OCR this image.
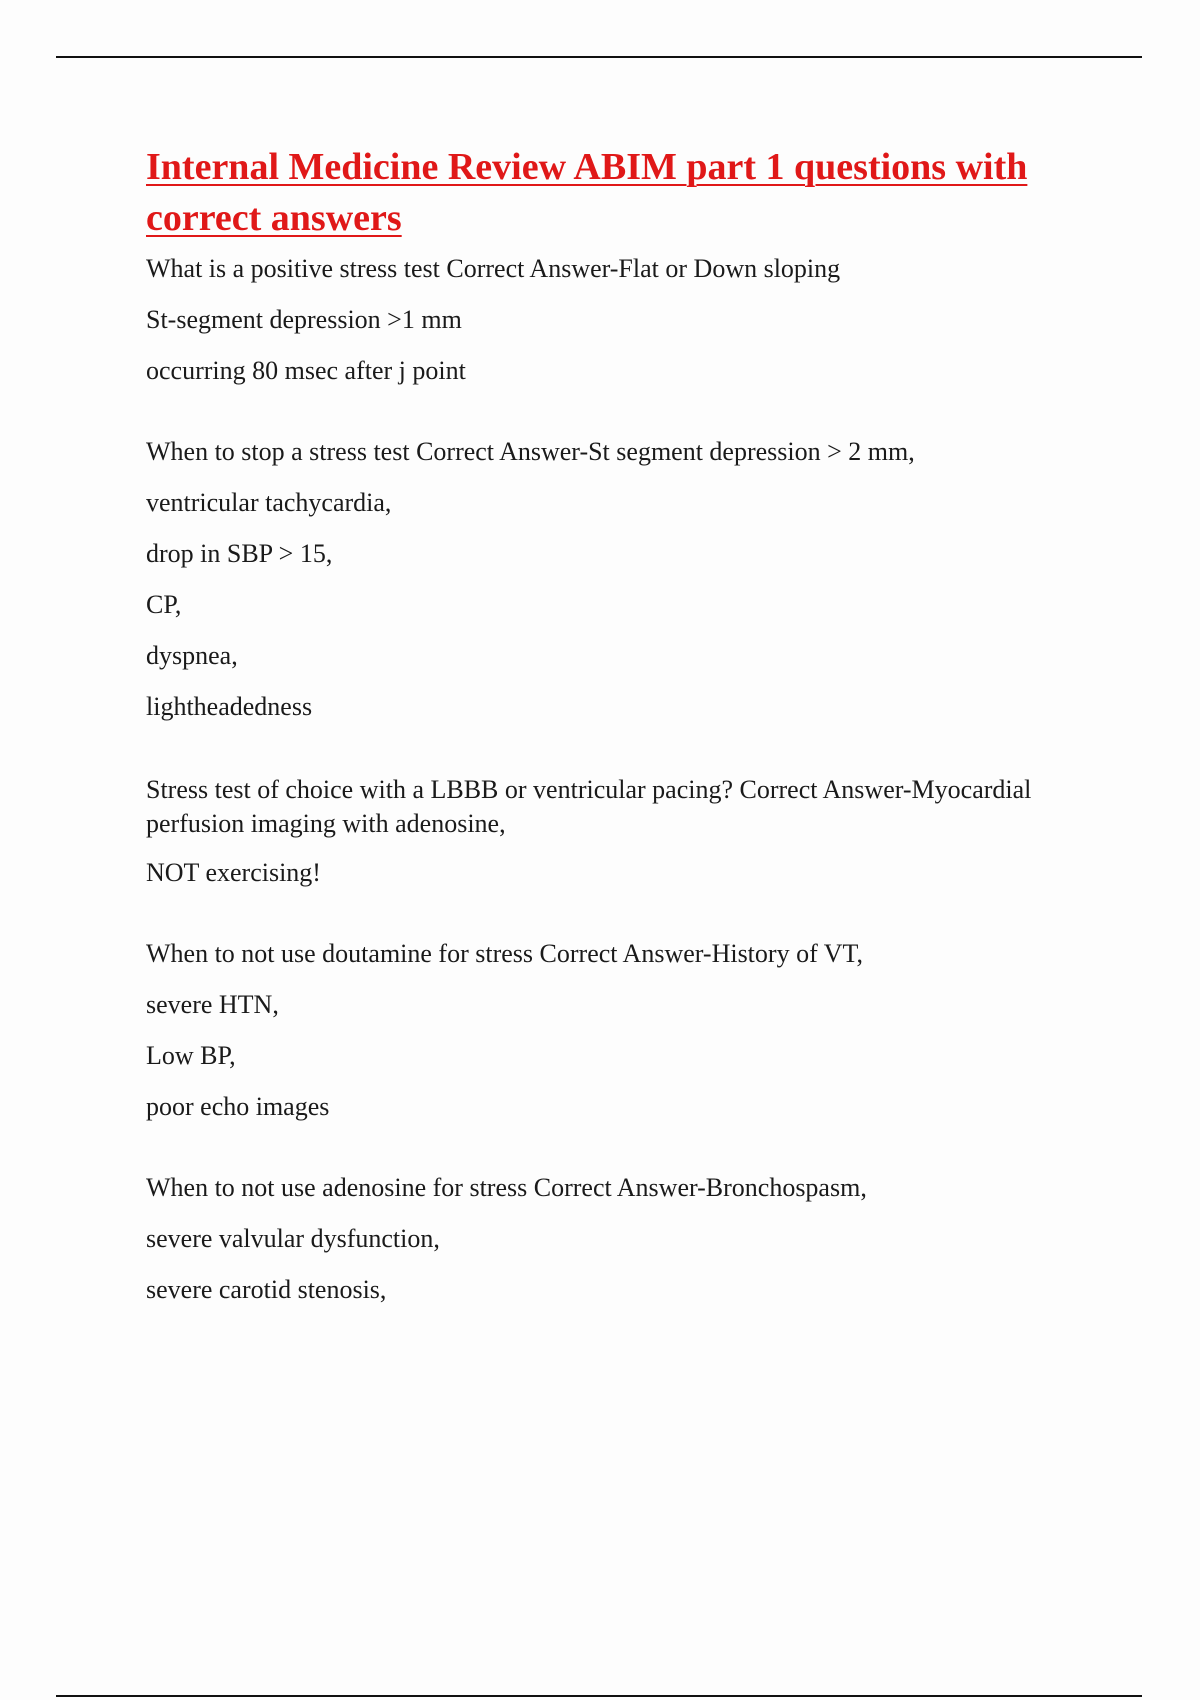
Internal Medicine Review ABIM part 1 questions with correct answers
What is a positive stress test Correct Answer-Flat or Down sloping
St-segment depression >1 mm
occurring 80 msec after j point
When to stop a stress test Correct Answer-St segment depression > 2 mm,
ventricular tachycardia,
drop in SBP > 15,
CP,
dyspnea,
lightheadedness
Stress test of choice with a LBBB or ventricular pacing? Correct Answer-Myocardial perfusion imaging with adenosine,
NOT exercising!
When to not use doutamine for stress Correct Answer-History of VT,
severe HTN,
Low BP,
poor echo images
When to not use adenosine for stress Correct Answer-Bronchospasm,
severe valvular dysfunction,
severe carotid stenosis,
